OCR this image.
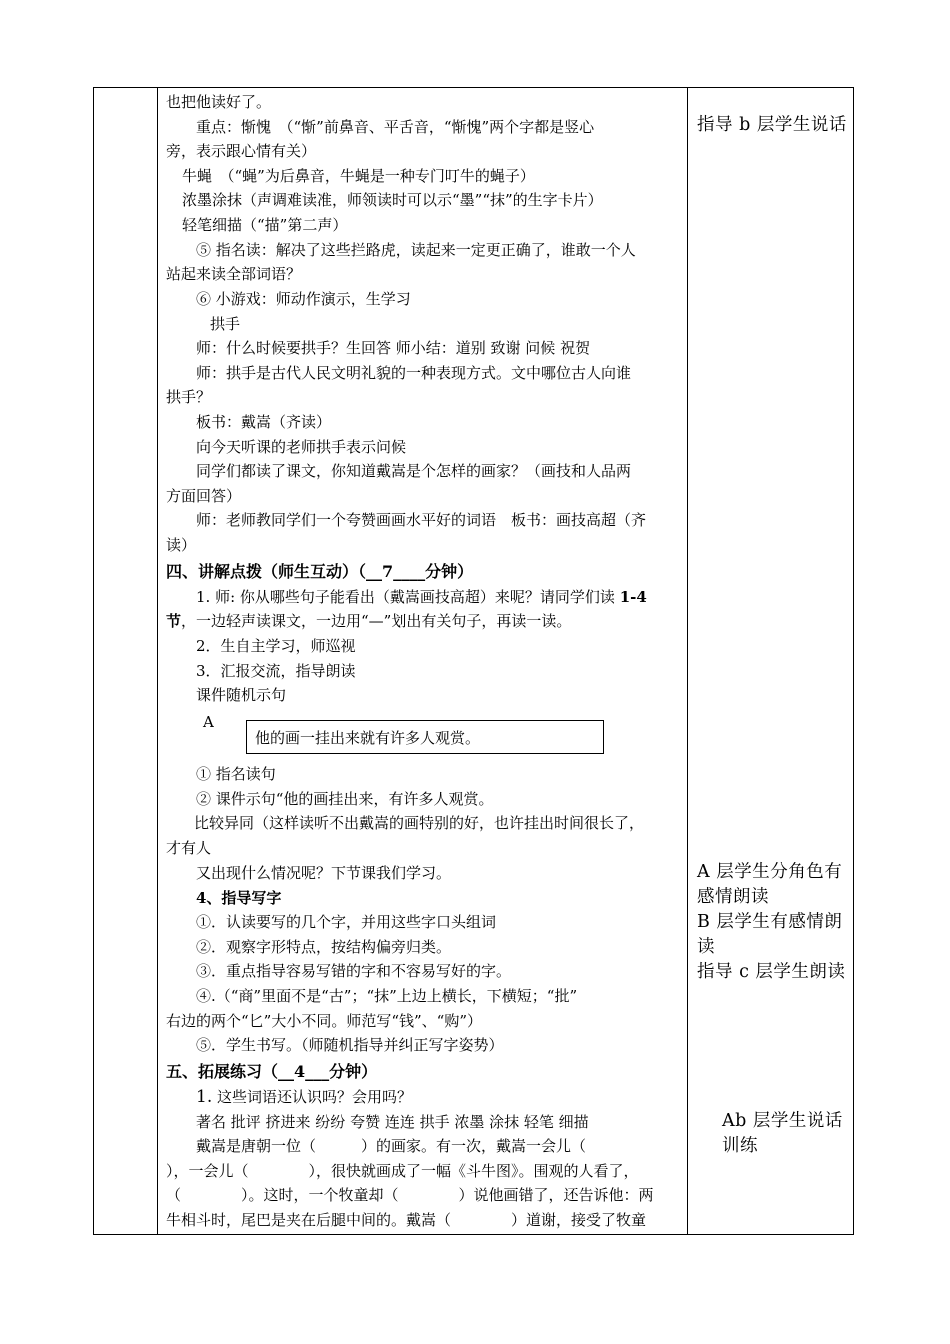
也把他读好了。
重点：惭愧　（“惭”前鼻音、平舌音，“惭愧”两个字都是竖心
旁，表示跟心情有关）
牛蝇　（“蝇”为后鼻音，牛蝇是一种专门叮牛的蝇子）
浓墨涂抹（声调难读准，师领读时可以示“墨”“抹”的生字卡片）
轻笔细描（“描”第二声）
⑤ 指名读：解决了这些拦路虎，读起来一定更正确了，谁敢一个人
站起来读全部词语？
⑥ 小游戏：师动作演示，生学习
拱手
师：什么时候要拱手？生回答 师小结：道别 致谢 问候 祝贺
师：拱手是古代人民文明礼貌的一种表现方式。文中哪位古人向谁
拱手？
板书：戴嵩（齐读）
向今天听课的老师拱手表示问候
同学们都读了课文，你知道戴嵩是个怎样的画家？（画技和人品两
方面回答）
师：老师教同学们一个夸赞画画水平好的词语　板书：画技高超（齐
读）
四、讲解点拨（师生互动）（__7____分钟）
1. 师: 你从哪些句子能看出（戴嵩画技高超）来呢？请同学们读 1-4
节，一边轻声读课文，一边用“—”划出有关句子，再读一读。
2．生自主学习，师巡视
3．汇报交流，指导朗读
课件随机示句
A
他的画一挂出来就有许多人观赏。
① 指名读句
② 课件示句“他的画挂出来，有许多人观赏。
比较异同（这样读听不出戴嵩的画特别的好，也许挂出时间很长了，
才有人
又出现什么情况呢？下节课我们学习。
4、指导写字
①．认读要写的几个字，并用这些字口头组词
②．观察字形特点，按结构偏旁归类。
③．重点指导容易写错的字和不容易写好的字。
④.（“商”里面不是“古”；“抹”上边上横长，下横短；“批”
右边的两个“匕”大小不同。师范写“钱”、“购”）
⑤．学生书写。（师随机指导并纠正写字姿势）
五、拓展练习（__4___分钟）
1. 这些词语还认识吗？会用吗？
著名 批评 挤进来 纷纷 夸赞 连连 拱手 浓墨 涂抹 轻笔 细描
戴嵩是唐朝一位（　　　）的画家。有一次，戴嵩一会儿（
），一会儿（　　　　），很快就画成了一幅《斗牛图》。围观的人看了，
（　　　　）。这时，一个牧童却（　　　　）说他画错了，还告诉他：两
牛相斗时，尾巴是夹在后腿中间的。戴嵩（　　　　）道谢，接受了牧童
指导 b 层学生说话
A 层学生分角色有感情朗读
B 层学生有感情朗读
指导 c 层学生朗读
Ab 层学生说话训练
